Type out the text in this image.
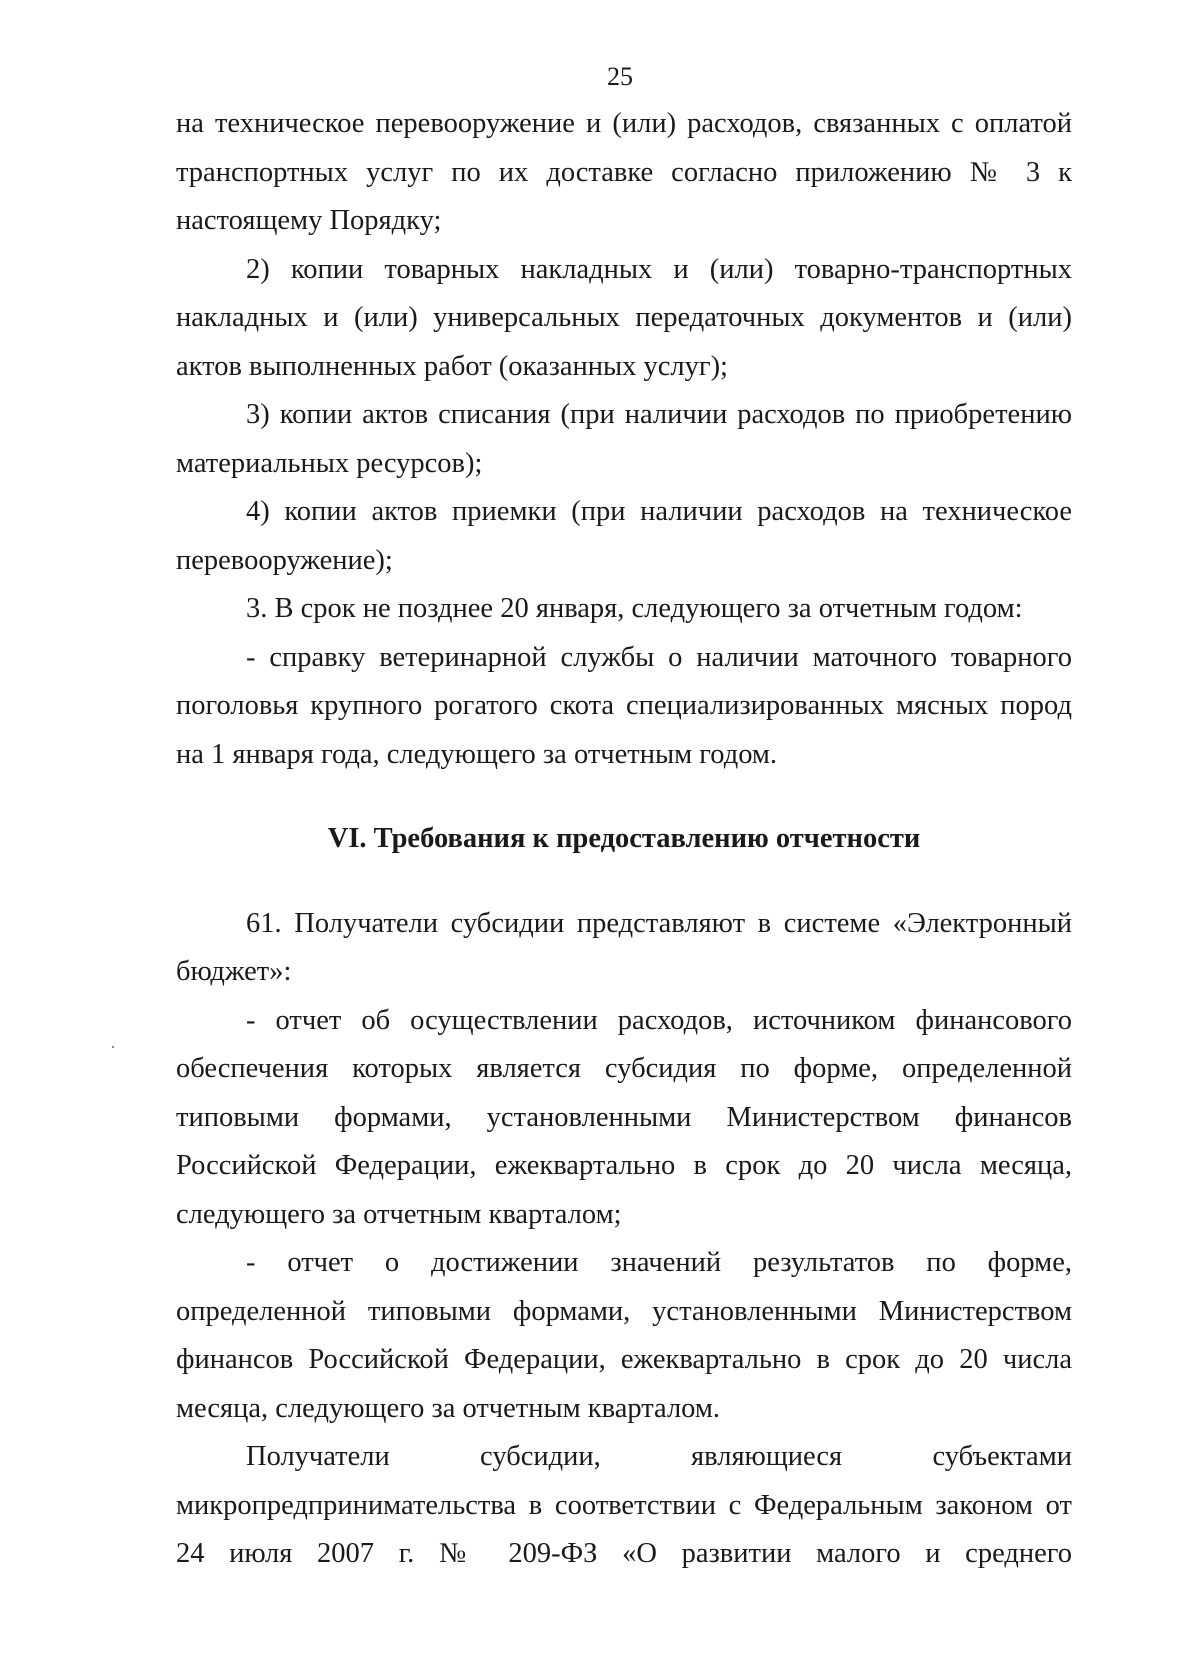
25

на техническое перевооружение и (или) расходов, связанных с оплатой транспортных услуг по их доставке согласно приложению № 3 к настоящему Порядку;

2) копии товарных накладных и (или) товарно-транспортных накладных и (или) универсальных передаточных документов и (или) актов выполненных работ (оказанных услуг);

3) копии актов списания (при наличии расходов по приобретению материальных ресурсов);

4) копии актов приемки (при наличии расходов на техническое перевооружение);

3. В срок не позднее 20 января, следующего за отчетным годом:

- справку ветеринарной службы о наличии маточного товарного поголовья крупного рогатого скота специализированных мясных пород на 1 января года, следующего за отчетным годом.

VI. Требования к предоставлению отчетности

61. Получатели субсидии представляют в системе «Электронный бюджет»:

- отчет об осуществлении расходов, источником финансового обеспечения которых является субсидия по форме, определенной типовыми формами, установленными Министерством финансов Российской Федерации, ежеквартально в срок до 20 числа месяца, следующего за отчетным кварталом;

- отчет о достижении значений результатов по форме, определенной типовыми формами, установленными Министерством финансов Российской Федерации, ежеквартально в срок до 20 числа месяца, следующего за отчетным кварталом.

Получатели субсидии, являющиеся субъектами микропредпринимательства в соответствии с Федеральным законом от 24 июля 2007 г. № 209-ФЗ «О развитии малого и среднего
